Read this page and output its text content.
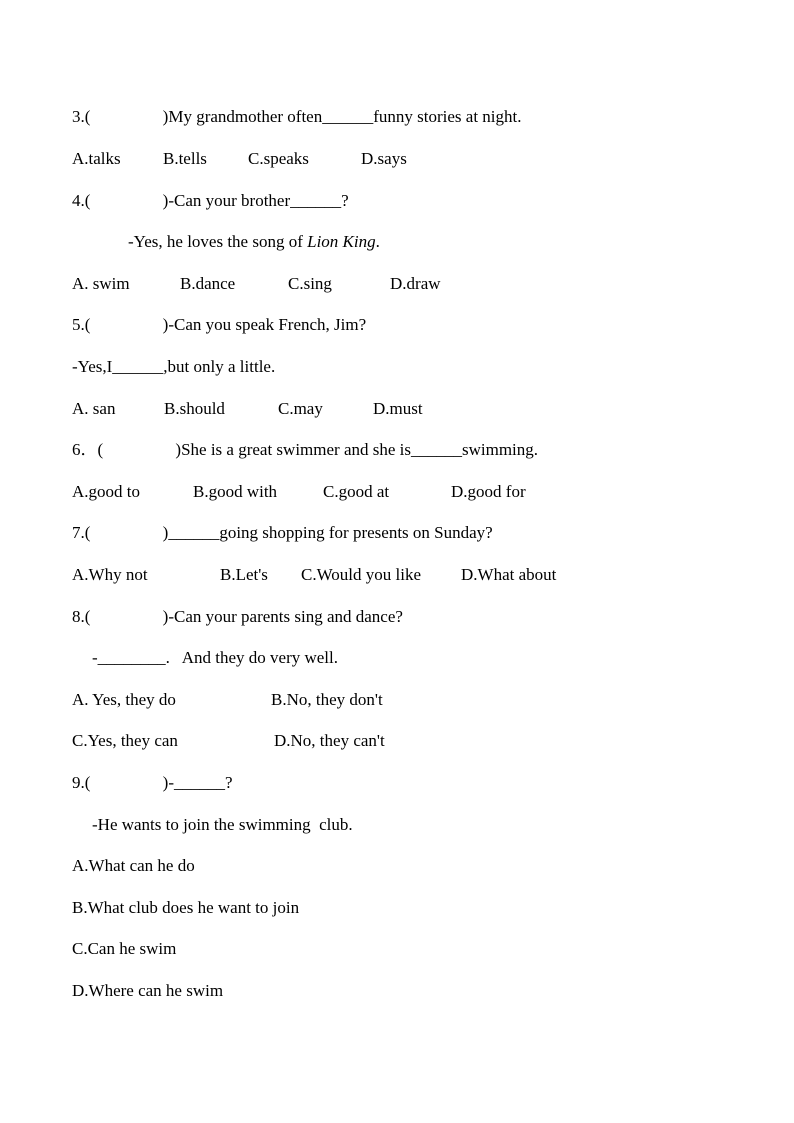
3.(                 )My grandmother often______funny stories at night.
A.talks B.tells C.speaks	D.says
4.(                 )-Can your brother______?
-Yes, he loves the song of Lion King.
A. swim	B.dance	C.sing	D.draw
5.(                 )-Can you speak French, Jim?
-Yes,I______,but only a little.
A. san	B.should	C.may	D.must
6．(                 )She is a great swimmer and she is______swimming.
A.good to	B.good with	C.good at	D.good for
7.(                 )______going shopping for presents on Sunday?
A.Why not	B.Let's C.Would you like D.What about
8.(                 )-Can your parents sing and dance?
-________.   And they do very well.
A. Yes, they do	B.No, they don't
C.Yes, they can	D.No, they can't
9.(                 )-______?
-He wants to join the swimming  club.
A.What can he do
B.What club does he want to join
C.Can he swim
D.Where can he swim
